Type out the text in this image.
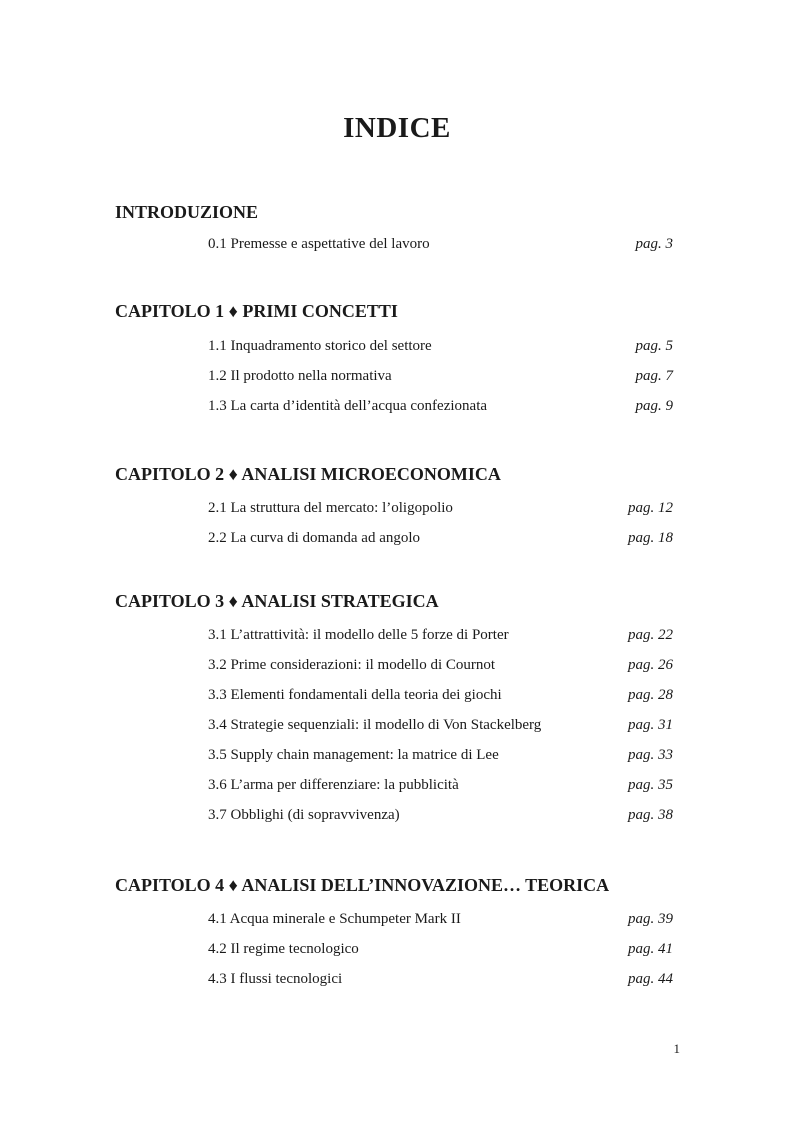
INDICE
INTRODUZIONE
0.1 Premesse e aspettative del lavoro	pag. 3
CAPITOLO 1 ♦ PRIMI CONCETTI
1.1 Inquadramento storico del settore	pag. 5
1.2 Il prodotto nella normativa	pag. 7
1.3 La carta d’identità dell’acqua confezionata	pag. 9
CAPITOLO 2 ♦ ANALISI MICROECONOMICA
2.1 La struttura del mercato: l’oligopolio	pag. 12
2.2 La curva di domanda ad angolo	pag. 18
CAPITOLO 3 ♦ ANALISI STRATEGICA
3.1 L’attrattività: il modello delle 5 forze di Porter	pag. 22
3.2 Prime considerazioni: il modello di Cournot	pag. 26
3.3 Elementi fondamentali della teoria dei giochi	pag. 28
3.4 Strategie sequenziali: il modello di Von Stackelberg	pag. 31
3.5 Supply chain management: la matrice di Lee	pag. 33
3.6 L’arma per differenziare: la pubblicità	pag. 35
3.7 Obblighi (di sopravvivenza)	pag. 38
CAPITOLO 4 ♦ ANALISI DELL’INNOVAZIONE… TEORICA
4.1 Acqua minerale e Schumpeter Mark II	pag. 39
4.2 Il regime tecnologico	pag. 41
4.3 I flussi tecnologici	pag. 44
1
